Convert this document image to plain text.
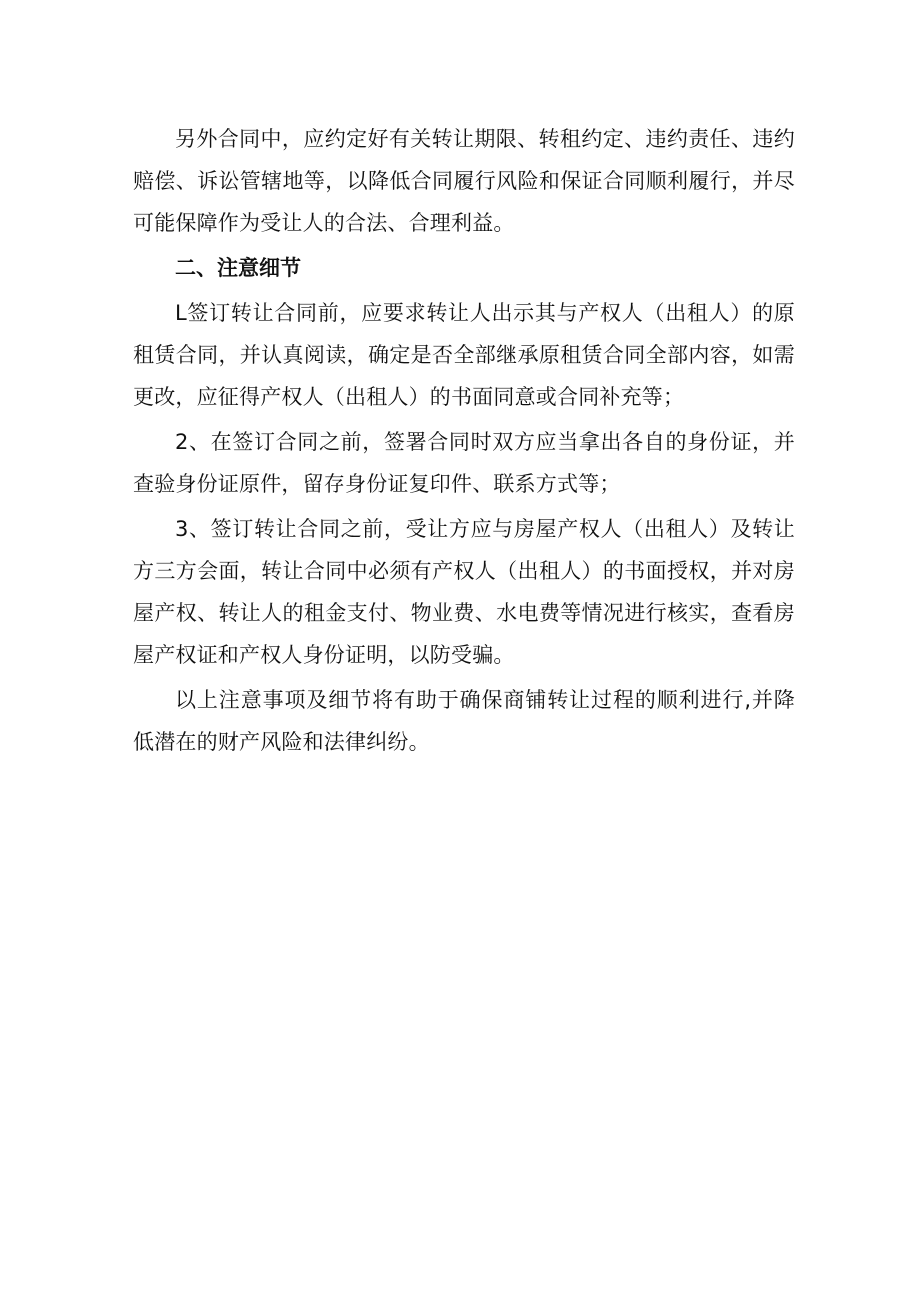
另外合同中，应约定好有关转让期限、转租约定、违约责任、违约赔偿、诉讼管辖地等，以降低合同履行风险和保证合同顺利履行，并尽可能保障作为受让人的合法、合理利益。

二、注意细节

L签订转让合同前，应要求转让人出示其与产权人（出租人）的原租赁合同，并认真阅读，确定是否全部继承原租赁合同全部内容，如需更改，应征得产权人（出租人）的书面同意或合同补充等；

2、在签订合同之前，签署合同时双方应当拿出各自的身份证，并查验身份证原件，留存身份证复印件、联系方式等；

3、签订转让合同之前，受让方应与房屋产权人（出租人）及转让方三方会面，转让合同中必须有产权人（出租人）的书面授权，并对房屋产权、转让人的租金支付、物业费、水电费等情况进行核实，查看房屋产权证和产权人身份证明，以防受骗。

以上注意事项及细节将有助于确保商铺转让过程的顺利进行,并降低潜在的财产风险和法律纠纷。
